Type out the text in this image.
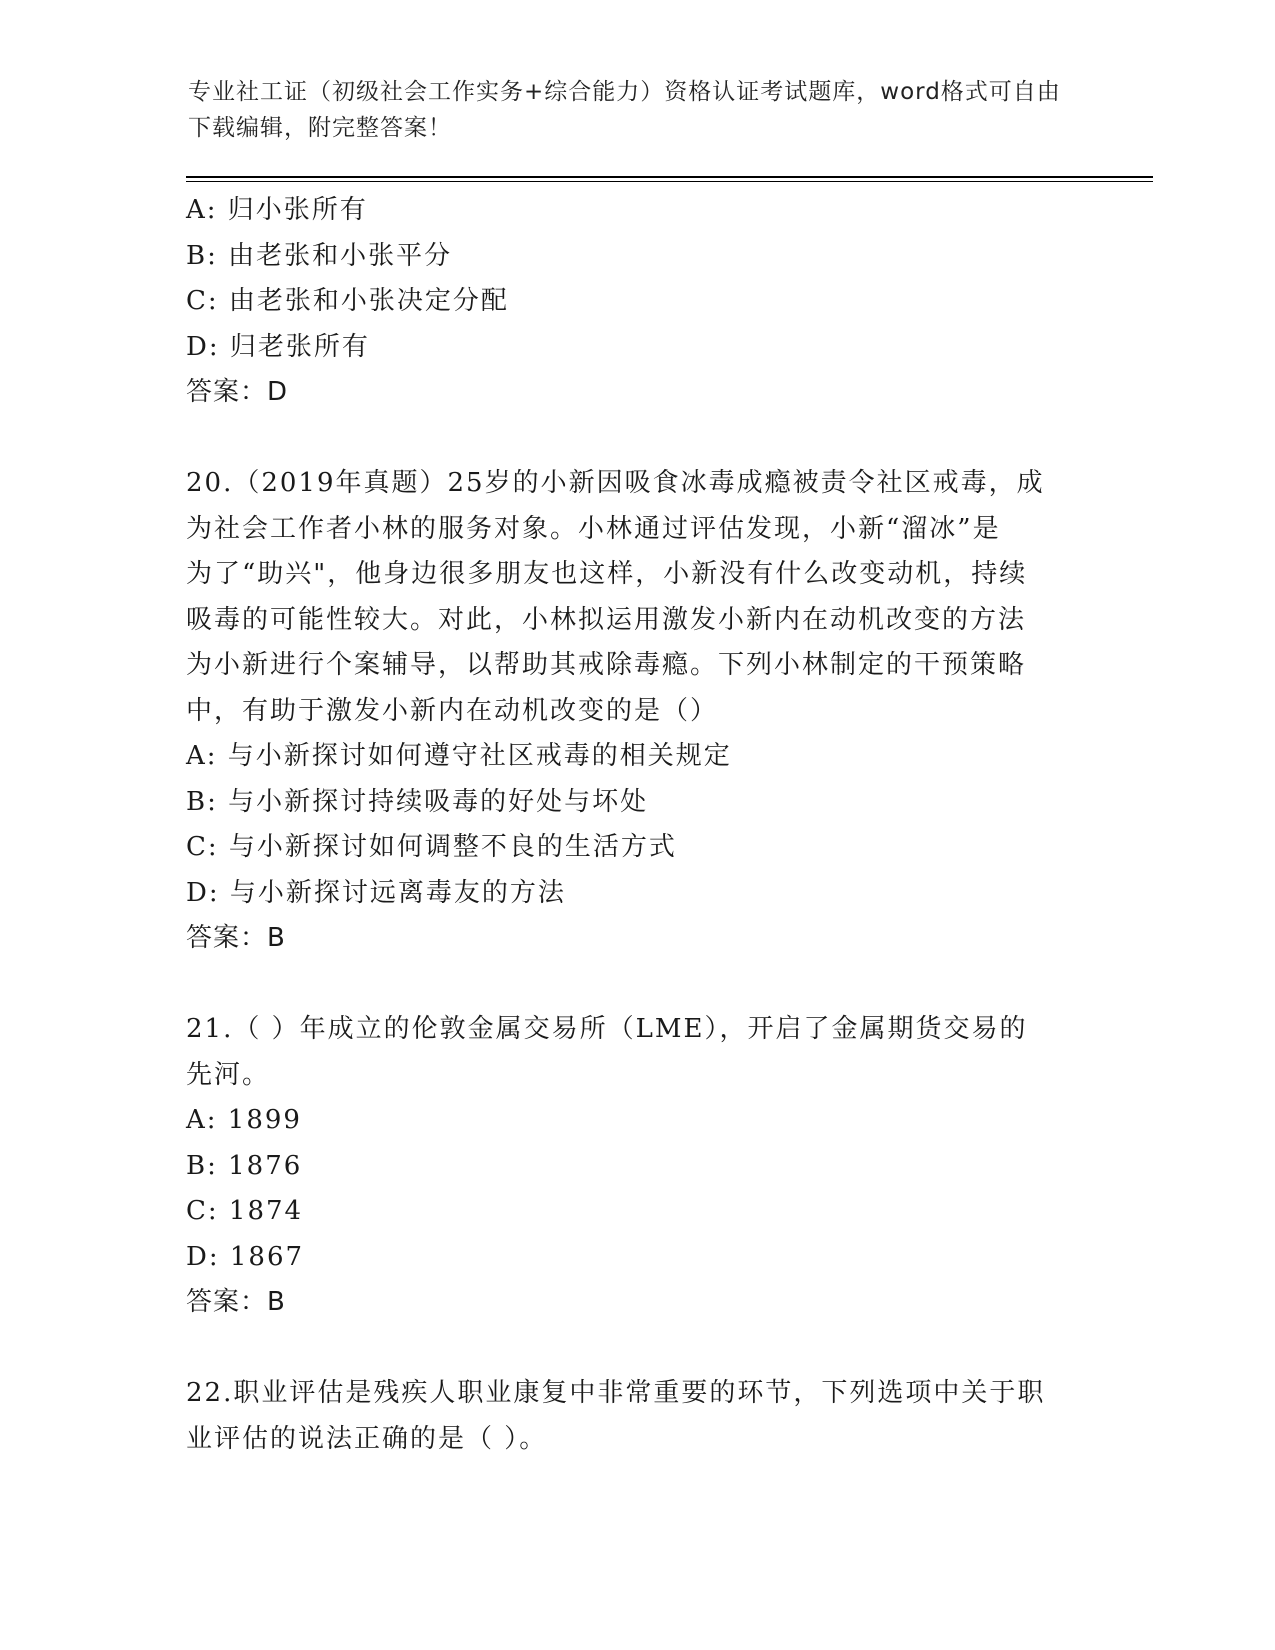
专业社工证（初级社会工作实务+综合能力）资格认证考试题库，word格式可自由
下载编辑，附完整答案！

A: 归小张所有

B: 由老张和小张平分

C: 由老张和小张决定分配

D: 归老张所有

答案：D

20.（2019年真题）25岁的小新因吸食冰毒成瘾被责令社区戒毒，成

为社会工作者小林的服务对象。小林通过评估发现，小新“溜冰”是

为了“助兴"，他身边很多朋友也这样，小新没有什么改变动机，持续

吸毒的可能性较大。对此，小林拟运用激发小新内在动机改变的方法

为小新进行个案辅导，以帮助其戒除毒瘾。下列小林制定的干预策略

中，有助于激发小新内在动机改变的是（）

A: 与小新探讨如何遵守社区戒毒的相关规定

B: 与小新探讨持续吸毒的好处与坏处

C: 与小新探讨如何调整不良的生活方式

D: 与小新探讨远离毒友的方法

答案：B

21.（ ）年成立的伦敦金属交易所（LME），开启了金属期货交易的

先河。

A: 1899

B: 1876

C: 1874

D: 1867

答案：B

22.职业评估是残疾人职业康复中非常重要的环节，下列选项中关于职

业评估的说法正确的是（ ）。
